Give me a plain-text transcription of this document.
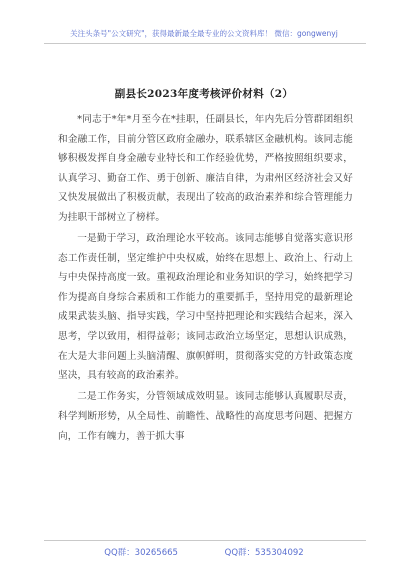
关注头条号"公文研究"，获得最新最全最专业的公文资料库！ 微信：gongwenyj
副县长2023年度考核评价材料（2）

*同志于*年*月至今在*挂职，任副县长，年内先后分管群团组织和金融工作，目前分管区政府金融办，联系辖区金融机构。该同志能够积极发挥自身金融专业特长和工作经验优势，严格按照组织要求，认真学习、勤奋工作、勇于创新、廉洁自律，为肃州区经济社会又好又快发展做出了积极贡献，表现出了较高的政治素养和综合管理能力为挂职干部树立了榜样。

一是勤于学习，政治理论水平较高。该同志能够自觉落实意识形态工作责任制，坚定维护中央权威，始终在思想上、政治上、行动上与中央保持高度一致。重视政治理论和业务知识的学习，始终把学习作为提高自身综合素质和工作能力的重要抓手，坚持用党的最新理论成果武装头脑、指导实践，学习中坚持把理论和实践结合起来，深入思考，学以致用，相得益彰；该同志政治立场坚定，思想认识成熟，在大是大非问题上头脑清醒、旗帜鲜明，贯彻落实党的方针政策态度坚决，具有较高的政治素养。

二是工作务实，分管领域成效明显。该同志能够认真履职尽责，科学判断形势，从全局性、前瞻性、战略性的高度思考问题、把握方向，工作有魄力，善于抓大事

QQ群：30265665	QQ群：535304092
